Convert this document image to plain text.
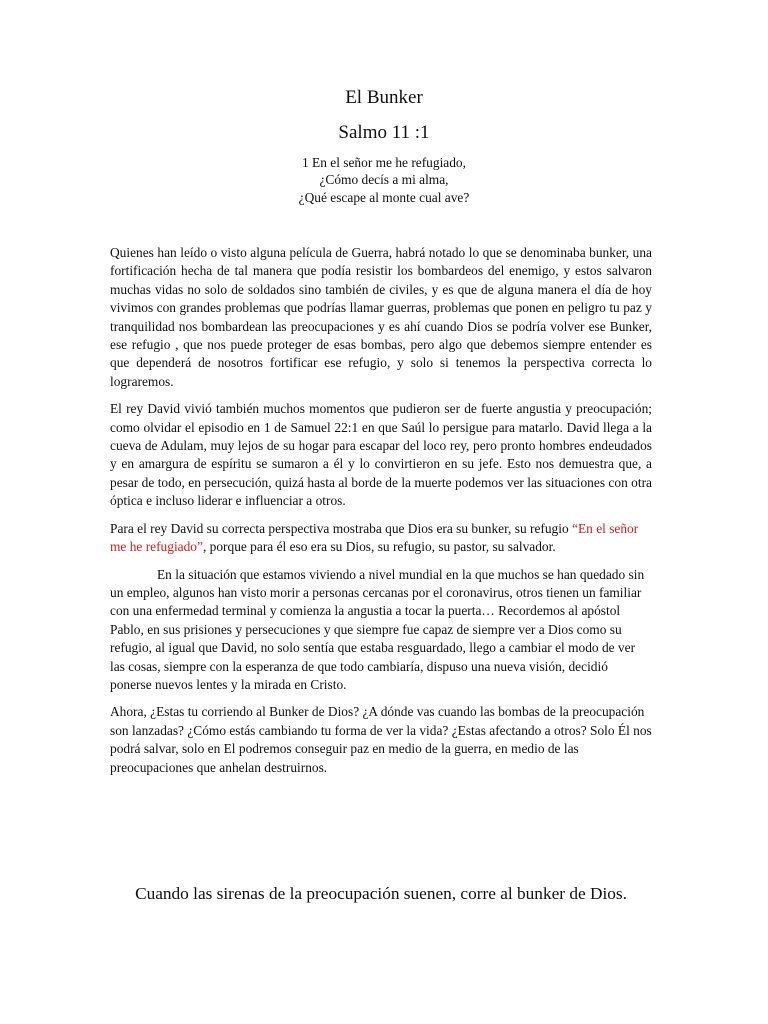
El Bunker
Salmo 11 :1
1 En el señor me he refugiado,
¿Cómo decís a mi alma,
¿Qué escape al monte cual ave?

Quienes han leído o visto alguna película de Guerra, habrá notado lo que se denominaba bunker, una fortificación hecha de tal manera que podía resistir los bombardeos del enemigo, y estos salvaron muchas vidas no solo de soldados sino también de civiles, y es que de alguna manera el día de hoy vivimos con grandes problemas que podrías llamar guerras, problemas que ponen en peligro tu paz y tranquilidad nos bombardean las preocupaciones y es ahí cuando Dios se podría volver ese Bunker, ese refugio , que nos puede proteger de esas bombas, pero algo que debemos siempre entender es que dependerá de nosotros fortificar ese refugio, y solo si tenemos la perspectiva correcta lo lograremos.

El rey David vivió también muchos momentos que pudieron ser de fuerte angustia y preocupación; como olvidar el episodio en 1 de Samuel 22:1 en que Saúl lo persigue para matarlo. David llega a la cueva de Adulam, muy lejos de su hogar para escapar del loco rey, pero pronto hombres endeudados y en amargura de espíritu se sumaron a él y lo convirtieron en su jefe. Esto nos demuestra que, a pesar de todo, en persecución, quizá hasta al borde de la muerte podemos ver las situaciones con otra óptica e incluso liderar e influenciar a otros.

Para el rey David su correcta perspectiva mostraba que Dios era su bunker, su refugio “En el señor me he refugiado”, porque para él eso era su Dios, su refugio, su pastor, su salvador.

En la situación que estamos viviendo a nivel mundial en la que muchos se han quedado sin un empleo, algunos han visto morir a personas cercanas por el coronavirus, otros tienen un familiar con una enfermedad terminal y comienza la angustia a tocar la puerta… Recordemos al apóstol Pablo, en sus prisiones y persecuciones y que siempre fue capaz de siempre ver a Dios como su refugio, al igual que David, no solo sentía que estaba resguardado, llego a cambiar el modo de ver las cosas, siempre con la esperanza de que todo cambiaría, dispuso una nueva visión, decidió ponerse nuevos lentes y la mirada en Cristo.

Ahora, ¿Estas tu corriendo al Bunker de Dios? ¿A dónde vas cuando las bombas de la preocupación son lanzadas? ¿Cómo estás cambiando tu forma de ver la vida? ¿Estas afectando a otros? Solo Él nos podrá salvar, solo en El podremos conseguir paz en medio de la guerra, en medio de las preocupaciones que anhelan destruirnos.

Cuando las sirenas de la preocupación suenen, corre al bunker de Dios.
